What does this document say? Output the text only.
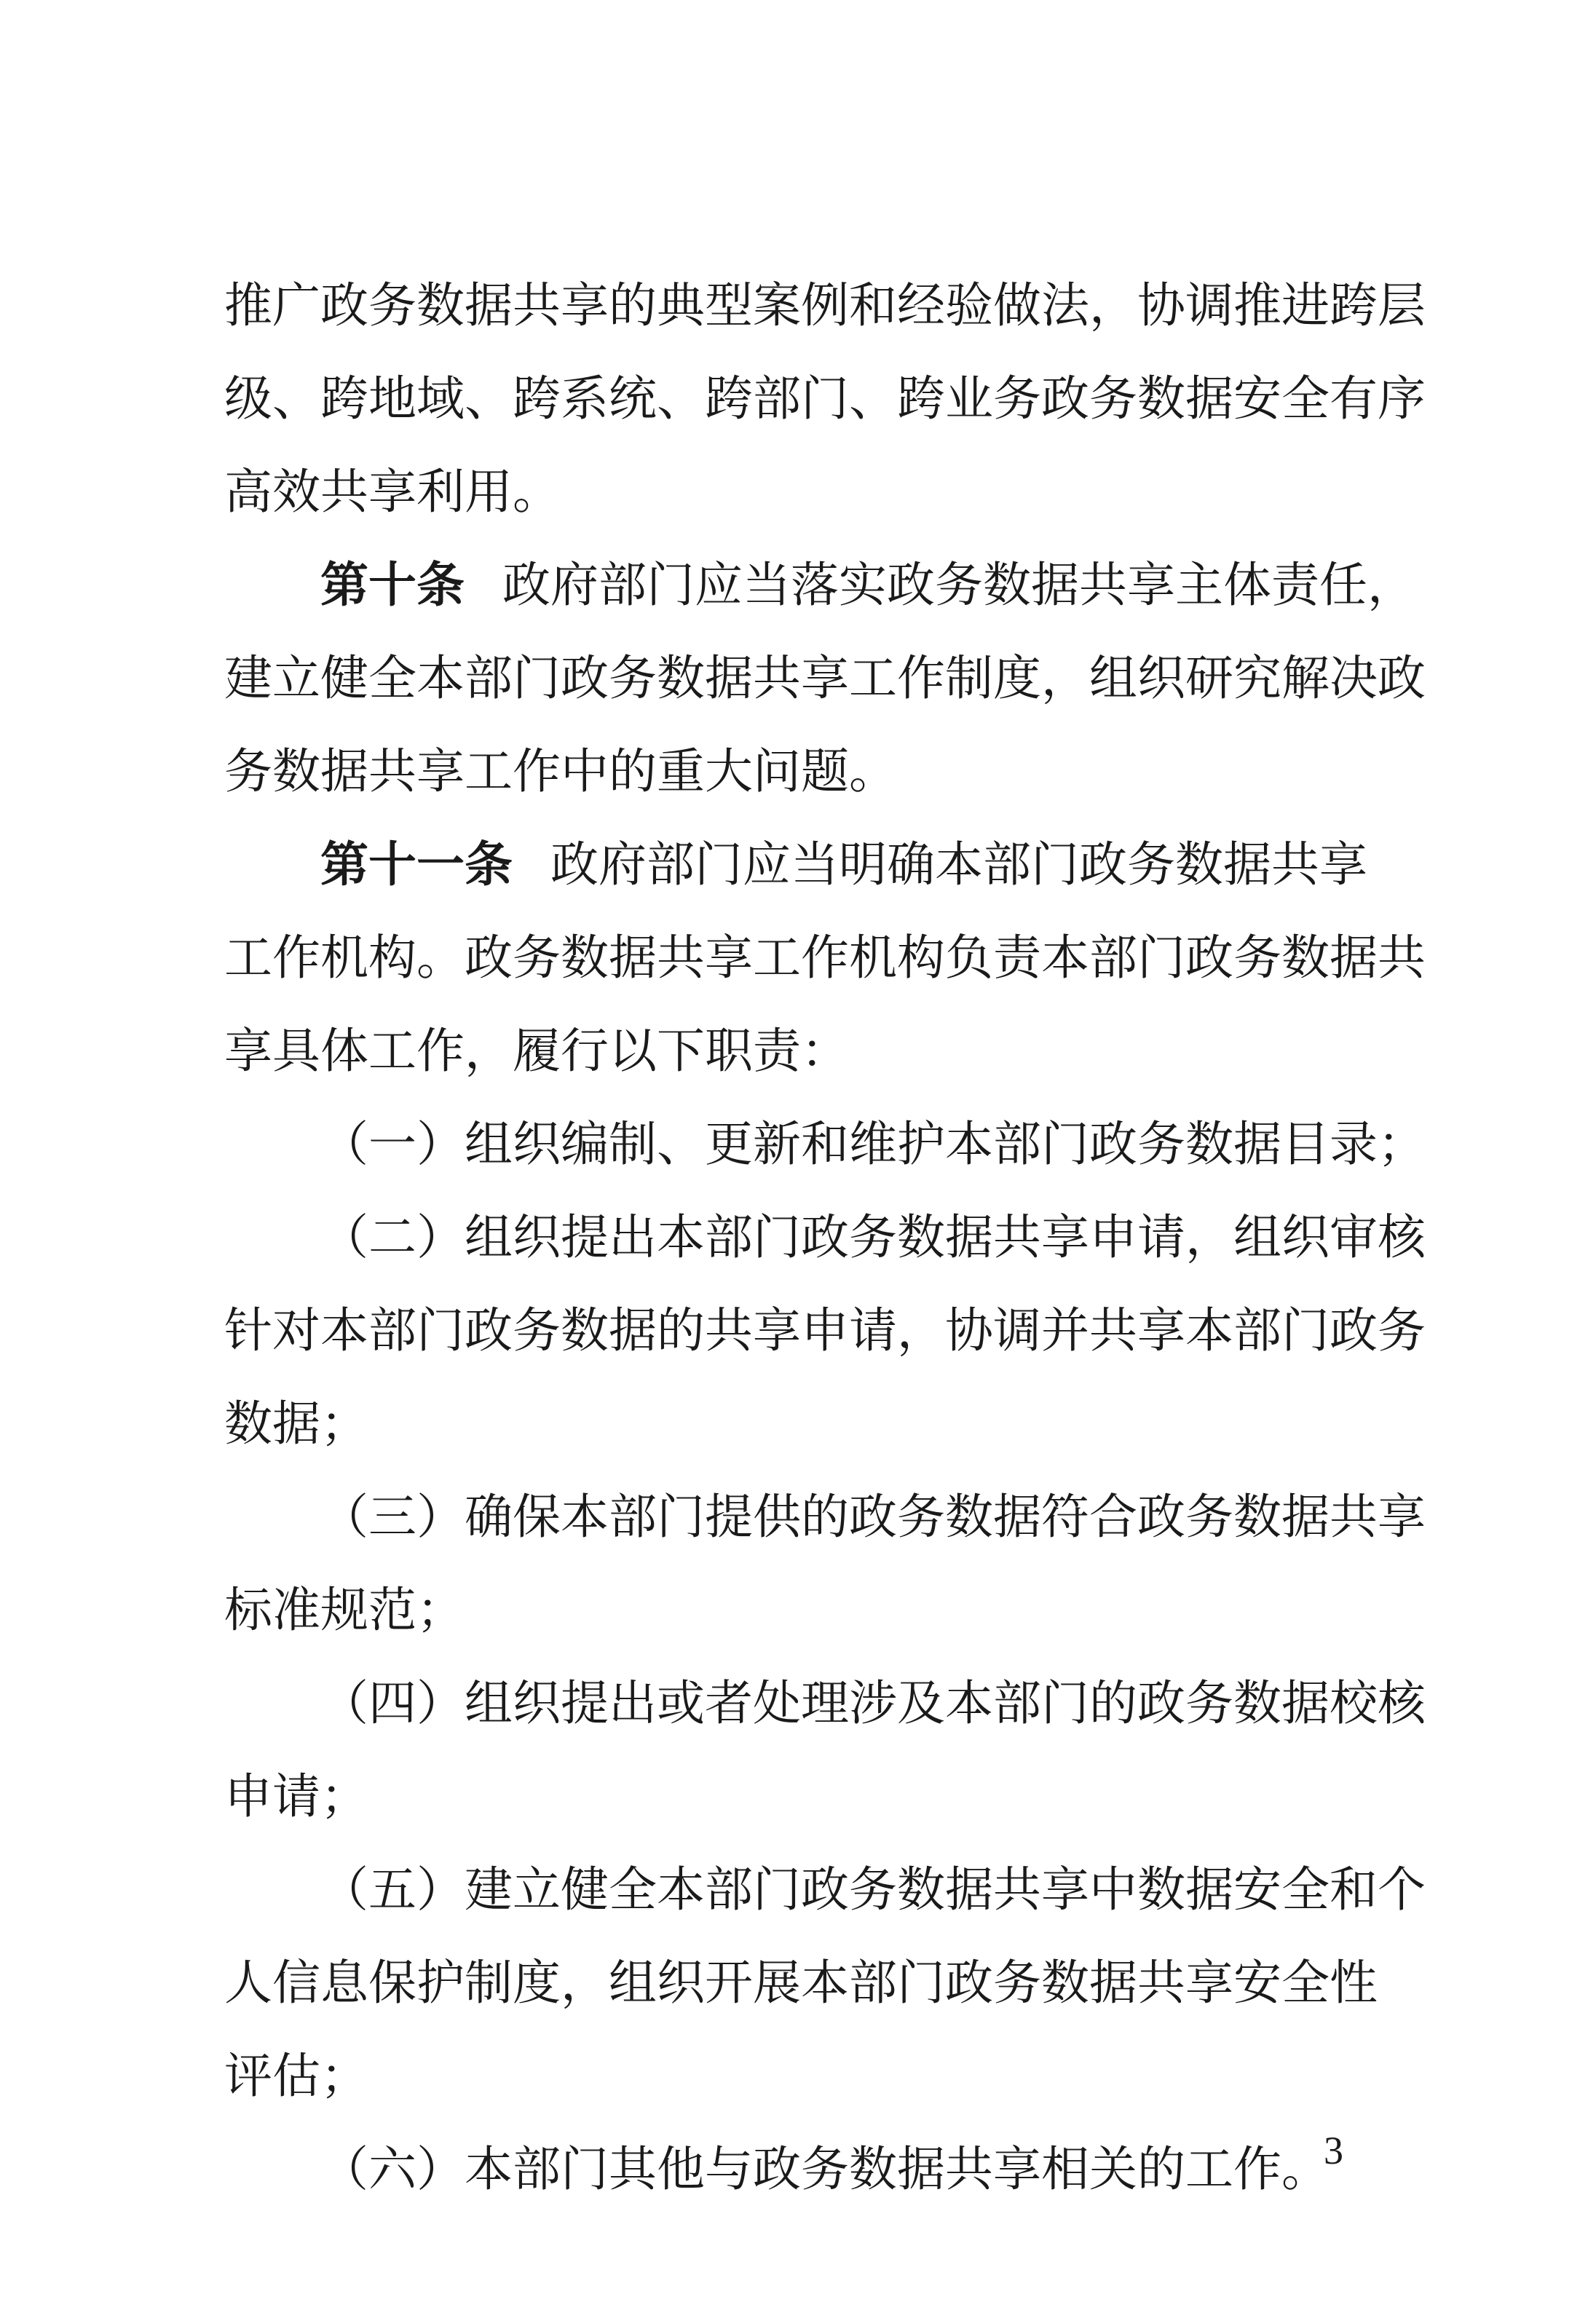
推广政务数据共享的典型案例和经验做法，协调推进跨层
级、跨地域、跨系统、跨部门、跨业务政务数据安全有序
高效共享利用。
第十条 政府部门应当落实政务数据共享主体责任，
建立健全本部门政务数据共享工作制度，组织研究解决政
务数据共享工作中的重大问题。
第十一条 政府部门应当明确本部门政务数据共享
工作机构。政务数据共享工作机构负责本部门政务数据共
享具体工作，履行以下职责：
（一）组织编制、更新和维护本部门政务数据目录；
（二）组织提出本部门政务数据共享申请，组织审核
针对本部门政务数据的共享申请，协调并共享本部门政务
数据；
（三）确保本部门提供的政务数据符合政务数据共享
标准规范；
（四）组织提出或者处理涉及本部门的政务数据校核
申请；
（五）建立健全本部门政务数据共享中数据安全和个
人信息保护制度，组织开展本部门政务数据共享安全性
评估；
（六）本部门其他与政务数据共享相关的工作。
3
